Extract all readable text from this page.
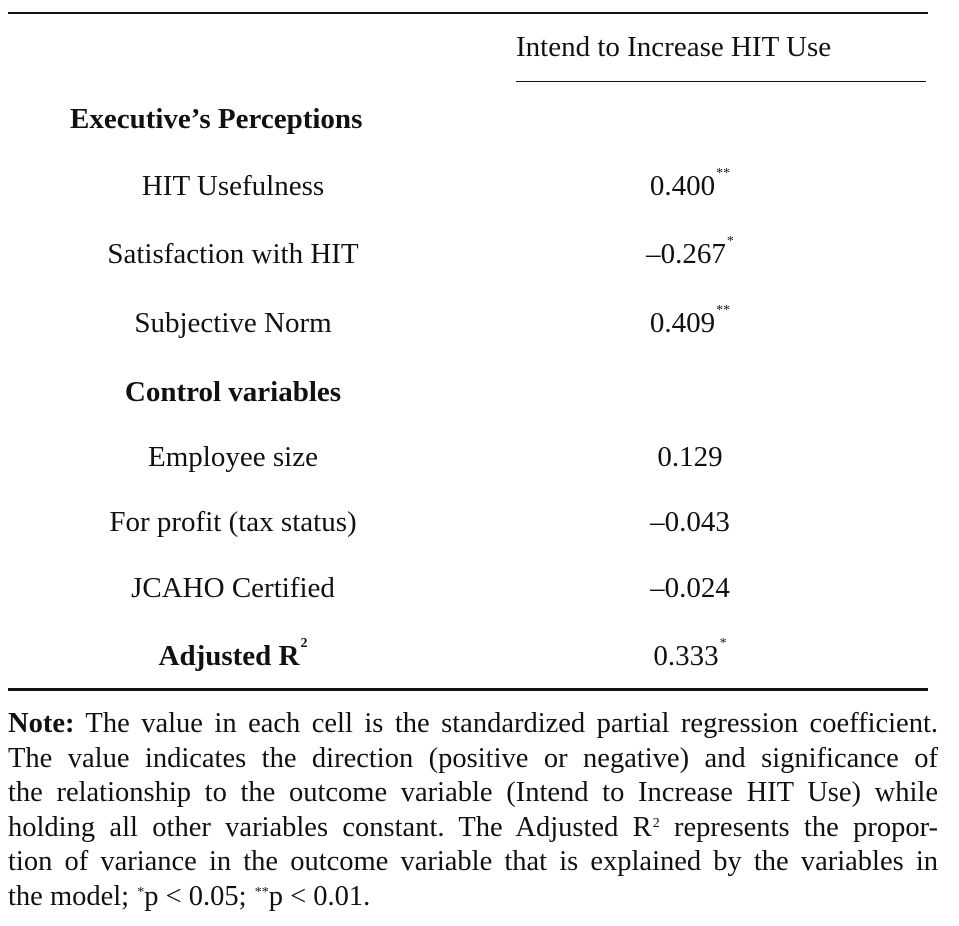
Intend to Increase HIT Use
Executive’s Perceptions
HIT Usefulness	0.400**
Satisfaction with HIT	–0.267*
Subjective Norm	0.409**
Control variables
Employee size	0.129
For profit (tax status)	–0.043
JCAHO Certified	–0.024
Adjusted $R^2$	0.333*
Note: The value in each cell is the standardized partial regression coefficient.
The value indicates the direction (positive or negative) and significance of
the relationship to the outcome variable (Intend to Increase HIT Use) while
holding all other variables constant. The Adjusted $R^2$ represents the propor-
tion of variance in the outcome variable that is explained by the variables in
the model; *p < 0.05; **p < 0.01.
